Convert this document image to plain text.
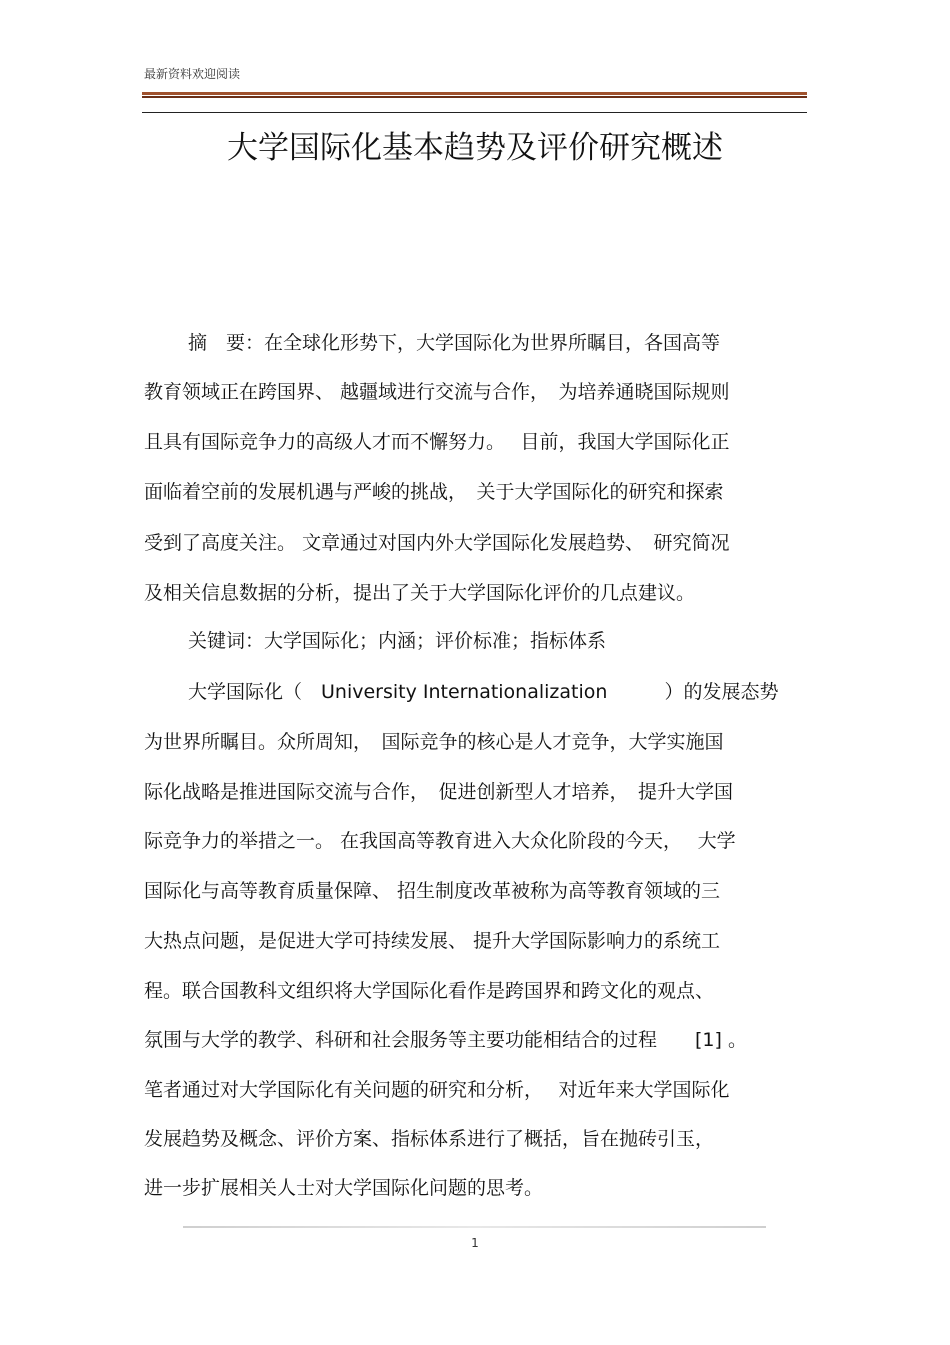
最新资料欢迎阅读
大学国际化基本趋势及评价研究概述
摘　要：在全球化形势下，大学国际化为世界所瞩目，各国高等
教育领域正在跨国界、 越疆域进行交流与合作，　为培养通晓国际规则
且具有国际竞争力的高级人才而不懈努力。　 目前，我国大学国际化正
面临着空前的发展机遇与严峻的挑战，　关于大学国际化的研究和探索
受到了高度关注。 文章通过对国内外大学国际化发展趋势、　研究简况
及相关信息数据的分析，提出了关于大学国际化评价的几点建议。
关键词：大学国际化；内涵；评价标准；指标体系
大学国际化（　University Internationalization　　　）的发展态势
为世界所瞩目。众所周知，　国际竞争的核心是人才竞争，大学实施国
际化战略是推进国际交流与合作，　促进创新型人才培养，　提升大学国
际竞争力的举措之一。 在我国高等教育进入大众化阶段的今天，　 大学
国际化与高等教育质量保障、 招生制度改革被称为高等教育领域的三
大热点问题，是促进大学可持续发展、 提升大学国际影响力的系统工
程。联合国教科文组织将大学国际化看作是跨国界和跨文化的观点、
氛围与大学的教学、科研和社会服务等主要功能相结合的过程　　[1] 。
笔者通过对大学国际化有关问题的研究和分析，　 对近年来大学国际化
发展趋势及概念、评价方案、指标体系进行了概括，旨在抛砖引玉，
进一步扩展相关人士对大学国际化问题的思考。
1
